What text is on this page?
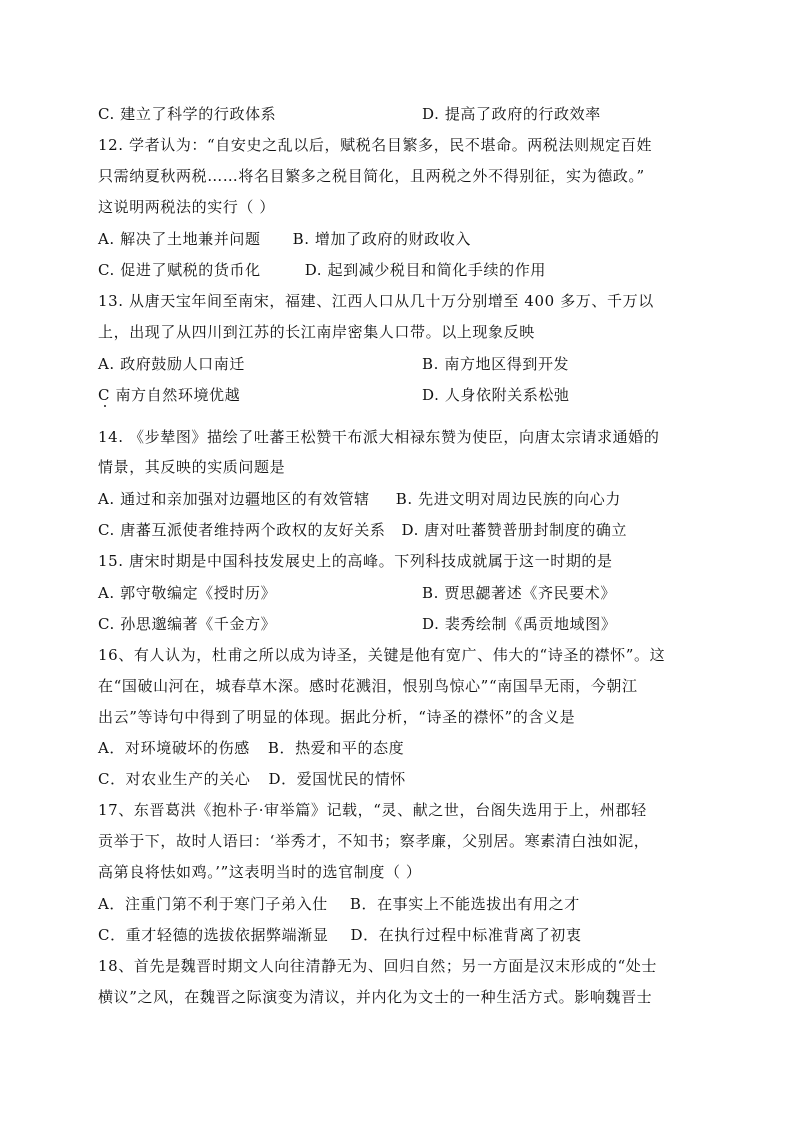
C. 建立了科学的行政体系	D. 提高了政府的行政效率
12. 学者认为：“自安史之乱以后，赋税名目繁多，民不堪命。两税法则规定百姓
只需纳夏秋两税……将名目繁多之税目简化，且两税之外不得别征，实为德政。”
这说明两税法的实行（ ）
A. 解决了土地兼并问题 B. 增加了政府的财政收入
C. 促进了赋税的货币化	D. 起到减少税目和简化手续的作用
13. 从唐天宝年间至南宋，福建、江西人口从几十万分别增至 400 多万、千万以
上，出现了从四川到江苏的长江南岸密集人口带。以上现象反映
A. 政府鼓励人口南迁	B. 南方地区得到开发
C 南方自然环境优越	D. 人身依附关系松弛
14. 《步辇图》描绘了吐蕃王松赞干布派大相禄东赞为使臣，向唐太宗请求通婚的
情景，其反映的实质问题是
A. 通过和亲加强对边疆地区的有效管辖 B. 先进文明对周边民族的向心力
C. 唐蕃互派使者维持两个政权的友好关系 D. 唐对吐蕃赞普册封制度的确立
15. 唐宋时期是中国科技发展史上的高峰。下列科技成就属于这一时期的是
A. 郭守敬编定《授时历》	B. 贾思勰著述《齐民要术》
C. 孙思邈编著《千金方》	D. 裴秀绘制《禹贡地域图》
16、有人认为，杜甫之所以成为诗圣，关键是他有宽广、伟大的“诗圣的襟怀”。这
在“国破山河在，城春草木深。感时花溅泪，恨别鸟惊心”“南国旱无雨，今朝江
出云”等诗句中得到了明显的体现。据此分析，“诗圣的襟怀”的含义是
A．对环境破坏的伤感 B．热爱和平的态度
C．对农业生产的关心 D．爱国忧民的情怀
17、东晋葛洪《抱朴子·审举篇》记载，“灵、献之世，台阁失选用于上，州郡轻
贡举于下，故时人语曰：‘举秀才，不知书；察孝廉，父别居。寒素清白浊如泥，
高第良将怯如鸡。’”这表明当时的选官制度（ ）
A．注重门第不利于寒门子弟入仕 B．在事实上不能选拔出有用之才
C．重才轻德的选拔依据弊端渐显 D．在执行过程中标准背离了初衷
18、首先是魏晋时期文人向往清静无为、回归自然；另一方面是汉末形成的“处士
横议”之风，在魏晋之际演变为清议，并内化为文士的一种生活方式。影响魏晋士
